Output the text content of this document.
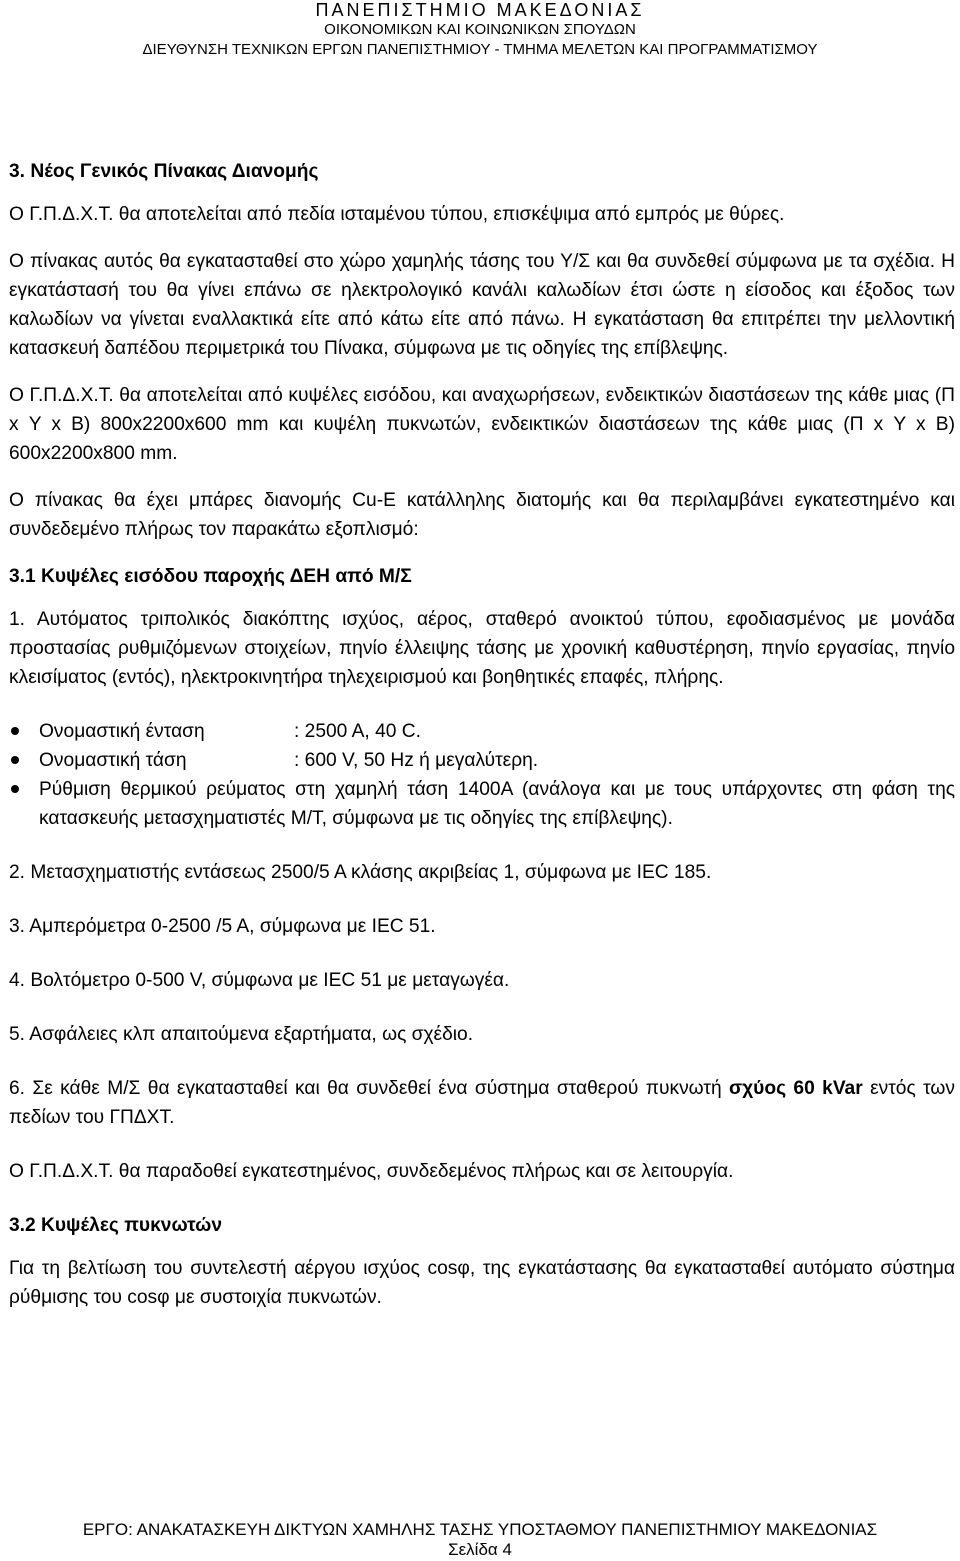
ΠΑΝΕΠΙΣΤΗΜΙΟ ΜΑΚΕΔΟΝΙΑΣ
ΟΙΚΟΝΟΜΙΚΩΝ ΚΑΙ ΚΟΙΝΩΝΙΚΩΝ ΣΠΟΥΔΩΝ
ΔΙΕΥΘΥΝΣΗ ΤΕΧΝΙΚΩΝ ΕΡΓΩΝ ΠΑΝΕΠΙΣΤΗΜΙΟΥ - ΤΜΗΜΑ ΜΕΛΕΤΩΝ ΚΑΙ ΠΡΟΓΡΑΜΜΑΤΙΣΜΟΥ

3. Νέος Γενικός Πίνακας Διανομής

Ο Γ.Π.Δ.Χ.Τ. θα αποτελείται από πεδία ισταμένου τύπου, επισκέψιμα από εμπρός με θύρες.

Ο πίνακας αυτός θα εγκατασταθεί στο χώρο χαμηλής τάσης του Υ/Σ και θα συνδεθεί σύμφωνα με τα σχέδια. Η εγκατάστασή του θα γίνει επάνω σε ηλεκτρολογικό κανάλι καλωδίων έτσι ώστε η είσοδος και έξοδος των καλωδίων να γίνεται εναλλακτικά είτε από κάτω είτε από πάνω. Η εγκατάσταση θα επιτρέπει την μελλοντική κατασκευή δαπέδου περιμετρικά του Πίνακα, σύμφωνα με τις οδηγίες της επίβλεψης.

Ο Γ.Π.Δ.Χ.Τ. θα αποτελείται από κυψέλες εισόδου, και αναχωρήσεων, ενδεικτικών διαστάσεων της κάθε μιας (Π x Υ x Β) 800x2200x600 mm και κυψέλη πυκνωτών, ενδεικτικών διαστάσεων της κάθε μιας (Π x Υ x Β) 600x2200x800 mm.

Ο πίνακας θα έχει μπάρες διανομής Cu-E κατάλληλης διατομής και θα περιλαμβάνει εγκατεστημένο και συνδεδεμένο πλήρως τον παρακάτω εξοπλισμό:

3.1 Κυψέλες εισόδου παροχής ΔΕΗ από Μ/Σ

1. Αυτόματος τριπολικός διακόπτης ισχύος, αέρος, σταθερό ανοικτού τύπου, εφοδιασμένος με μονάδα προστασίας ρυθμιζόμενων στοιχείων, πηνίο έλλειψης τάσης με χρονική καθυστέρηση, πηνίο εργασίας, πηνίο κλεισίματος (εντός), ηλεκτροκινητήρα τηλεχειρισμού και βοηθητικές επαφές, πλήρης.

Ονομαστική ένταση	: 2500 A, 40 C.
Ονομαστική τάση	: 600 V, 50 Hz ή μεγαλύτερη.
Ρύθμιση θερμικού ρεύματος στη χαμηλή τάση 1400Α (ανάλογα και με τους υπάρχοντες στη φάση της κατασκευής μετασχηματιστές Μ/Τ, σύμφωνα με τις οδηγίες της επίβλεψης).

2. Μετασχηματιστής εντάσεως 2500/5 Α κλάσης ακριβείας 1, σύμφωνα με IEC 185.

3. Αμπερόμετρα 0-2500 /5 Α, σύμφωνα με IEC 51.

4. Βολτόμετρο 0-500 V, σύμφωνα με IEC 51 με μεταγωγέα.

5. Ασφάλειες κλπ απαιτούμενα εξαρτήματα, ως σχέδιο.

6. Σε κάθε Μ/Σ θα εγκατασταθεί και θα συνδεθεί ένα σύστημα σταθερού πυκνωτή σχύος 60 kVar εντός των πεδίων του ΓΠΔΧΤ.

Ο Γ.Π.Δ.Χ.Τ. θα παραδοθεί εγκατεστημένος, συνδεδεμένος πλήρως και σε λειτουργία.

3.2 Κυψέλες πυκνωτών

Για τη βελτίωση του συντελεστή αέργου ισχύος cosφ, της εγκατάστασης θα εγκατασταθεί αυτόματο σύστημα ρύθμισης του cosφ με συστοιχία πυκνωτών.

ΕΡΓΟ: ΑΝΑΚΑΤΑΣΚΕΥΗ ΔΙΚΤΥΩΝ ΧΑΜΗΛΗΣ ΤΑΣΗΣ ΥΠΟΣΤΑΘΜΟΥ ΠΑΝΕΠΙΣΤΗΜΙΟΥ ΜΑΚΕΔΟΝΙΑΣ
Σελίδα 4
